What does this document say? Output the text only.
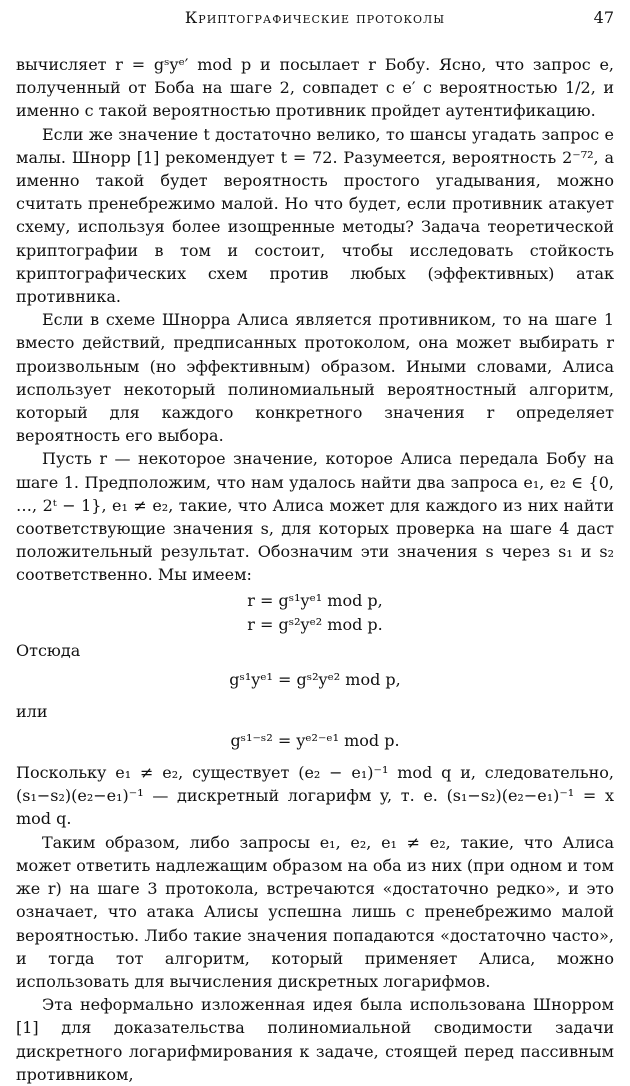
Криптографические протоколы	47

вычисляет r = gˢyᵉ′ mod p и посылает r Бобу. Ясно, что запрос e, полученный от Боба на шаге 2, совпадет с e′ с вероятностью 1/2, и именно с такой вероятностью противник пройдет аутентификацию.

Если же значение t достаточно велико, то шансы угадать запрос e малы. Шнорр [1] рекомендует t = 72. Разумеется, вероятность 2⁻⁷², а именно такой будет вероятность простого угадывания, можно считать пренебрежимо малой. Но что будет, если противник атакует схему, используя более изощренные методы? Задача теоретической криптографии в том и состоит, чтобы исследовать стойкость криптографических схем против любых (эффективных) атак противника.

Если в схеме Шнорра Алиса является противником, то на шаге 1 вместо действий, предписанных протоколом, она может выбирать r произвольным (но эффективным) образом. Иными словами, Алиса использует некоторый полиномиальный вероятностный алгоритм, который для каждого конкретного значения r определяет вероятность его выбора.

Пусть r — некоторое значение, которое Алиса передала Бобу на шаге 1. Предположим, что нам удалось найти два запроса e₁, e₂ ∈ {0, …, 2ᵗ − 1}, e₁ ≠ e₂, такие, что Алиса может для каждого из них найти соответствующие значения s, для которых проверка на шаге 4 даст положительный результат. Обозначим эти значения s через s₁ и s₂ соответственно. Мы имеем:

r = gˢ¹yᵉ¹ mod p,

r = gˢ²yᵉ² mod p.

Отсюда

gˢ¹yᵉ¹ = gˢ²yᵉ² mod p,

или

gˢ¹⁻ˢ² = yᵉ²⁻ᵉ¹ mod p.

Поскольку e₁ ≠ e₂, существует (e₂ − e₁)⁻¹ mod q и, следовательно, (s₁−s₂)(e₂−e₁)⁻¹ — дискретный логарифм y, т. е. (s₁−s₂)(e₂−e₁)⁻¹ = x mod q.

Таким образом, либо запросы e₁, e₂, e₁ ≠ e₂, такие, что Алиса может ответить надлежащим образом на оба из них (при одном и том же r) на шаге 3 протокола, встречаются «достаточно редко», и это означает, что атака Алисы успешна лишь с пренебрежимо малой вероятностью. Либо такие значения попадаются «достаточно часто», и тогда тот алгоритм, который применяет Алиса, можно использовать для вычисления дискретных логарифмов.

Эта неформально изложенная идея была использована Шнорром [1] для доказательства полиномиальной сводимости задачи дискретного логарифмирования к задаче, стоящей перед пассивным противником,
